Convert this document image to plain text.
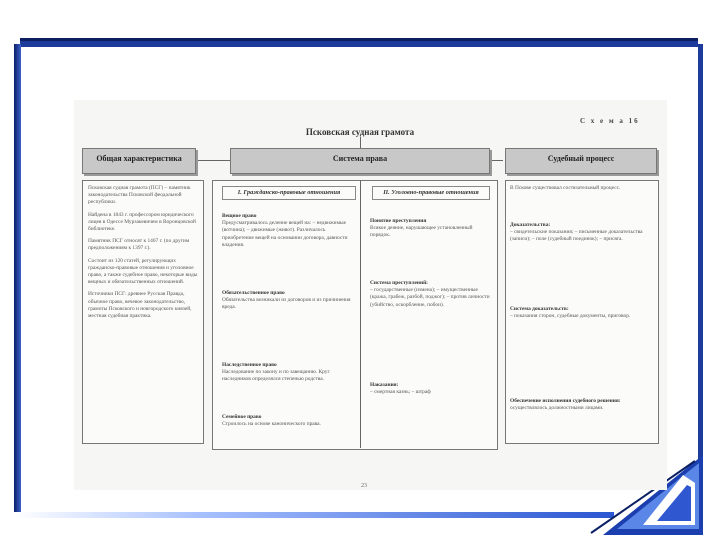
С х е м а 16
Псковская судная грамота
Общая характеристика	Система права	Судебный процесс

Псковская судная грамота (ПСГ) – памятник законодательства Псковской феодальной республики.

Найдена в 1843 г. профессором юридического лицея в Одессе Мурзакевичем в Воронцовской библиотеке.

Памятник ПСГ относят к 1467 г. (по другим предположениям к 1397 г.).

Состоит из 120 статей, регулирующих гражданско-правовые отношения и уголовное право, а также судебное право, некоторые виды вещных и обязательственных отношений.

Источники ПСГ: древнее Русская Правда, обычное право, вечевое законодательство, грамоты Псковского и новгородского князей, местная судебная практика.

I. Гражданско-правовые отношения	II. Уголовно-правовые отношения
Вещное право
Предусматривалось деление вещей на: – недвижимые (вотчина); – движимые (живот). Различалось приобретение вещей на основании договора, давности владения.
Обязательственное право
Обязательства возникали из договоров и из причинения вреда.
Наследственное право
Наследование по закону и по завещанию. Круг наследников определялся степенью родства.
Семейное право
Строилось на основе канонического права.
Понятие преступления
Всякое деяние, нарушающее установленный порядок.
Система преступлений:
– государственные (измена); – имущественные (кража, грабеж, разбой, поджог); – против личности (убийство, оскорбление, побои).
Наказания:
– смертная казнь; – штраф
В Пскове существовал состязательный процесс.
Доказательства:
– свидетельские показания; – письменные доказательства (записи); – поле (судебный поединок); – присяга.
Система доказательств:
– показания сторон, судебные документы, приговор.
Обеспечение исполнения судебного решения:
осуществлялось должностными лицами.
23
